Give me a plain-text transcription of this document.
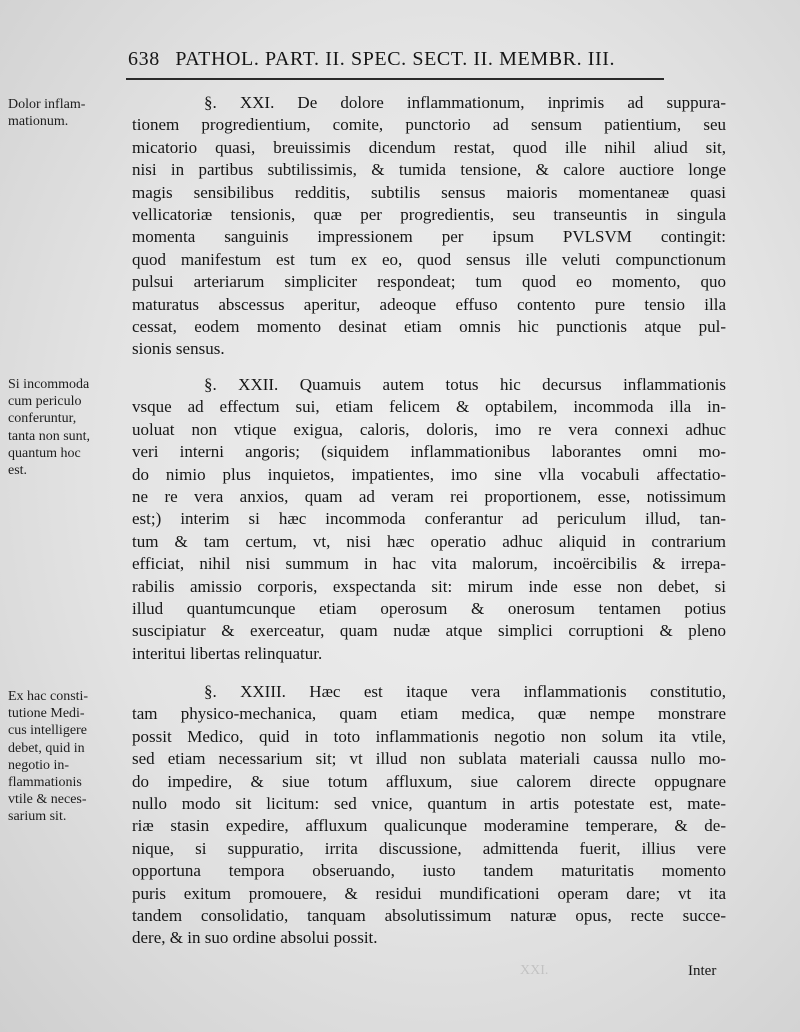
638 PATHOL. PART. II. SPEC. SECT. II. MEMBR. III.
Dolor inflam-
mationum.
Si incommoda
cum periculo
conferuntur,
tanta non sunt,
quantum hoc
est.
Ex hac consti-
tutione Medi-
cus intelligere
debet, quid in
negotio in-
flammationis
vtile & neces-
sarium sit.
§. XXI. De dolore inflammationum, inprimis ad suppura-
tionem progredientium, comite, punctorio ad sensum patientium, seu
micatorio quasi, breuissimis dicendum restat, quod ille nihil aliud sit,
nisi in partibus subtilissimis, & tumida tensione, & calore auctiore longe
magis sensibilibus redditis, subtilis sensus maioris momentaneæ quasi
vellicatoriæ tensionis, quæ per progredientis, seu transeuntis in singula
momenta sanguinis impressionem per ipsum PVLSVM contingit:
quod manifestum est tum ex eo, quod sensus ille veluti compunctionum
pulsui arteriarum simpliciter respondeat; tum quod eo momento, quo
maturatus abscessus aperitur, adeoque effuso contento pure tensio illa
cessat, eodem momento desinat etiam omnis hic punctionis atque pul-
sionis sensus.
§. XXII. Quamuis autem totus hic decursus inflammationis
vsque ad effectum sui, etiam felicem & optabilem, incommoda illa in-
uoluat non vtique exigua, caloris, doloris, imo re vera connexi adhuc
veri interni angoris; (siquidem inflammationibus laborantes omni mo-
do nimio plus inquietos, impatientes, imo sine vlla vocabuli affectatio-
ne re vera anxios, quam ad veram rei proportionem, esse, notissimum
est;) interim si hæc incommoda conferantur ad periculum illud, tan-
tum & tam certum, vt, nisi hæc operatio adhuc aliquid in contrarium
efficiat, nihil nisi summum in hac vita malorum, incoërcibilis & irrepa-
rabilis amissio corporis, exspectanda sit: mirum inde esse non debet, si
illud quantumcunque etiam operosum & onerosum tentamen potius
suscipiatur & exerceatur, quam nudæ atque simplici corruptioni & pleno
interitui libertas relinquatur.
§. XXIII. Hæc est itaque vera inflammationis constitutio,
tam physico-mechanica, quam etiam medica, quæ nempe monstrare
possit Medico, quid in toto inflammationis negotio non solum ita vtile,
sed etiam necessarium sit; vt illud non sublata materiali caussa nullo mo-
do impedire, & siue totum affluxum, siue calorem directe oppugnare
nullo modo sit licitum: sed vnice, quantum in artis potestate est, mate-
riæ stasin expedire, affluxum qualicunque moderamine temperare, & de-
nique, si suppuratio, irrita discussione, admittenda fuerit, illius vere
opportuna tempora obseruando, iusto tandem maturitatis momento
puris exitum promouere, & residui mundificationi operam dare; vt ita
tandem consolidatio, tanquam absolutissimum naturæ opus, recte succe-
dere, & in suo ordine absolui possit.
XXI.	Inter
